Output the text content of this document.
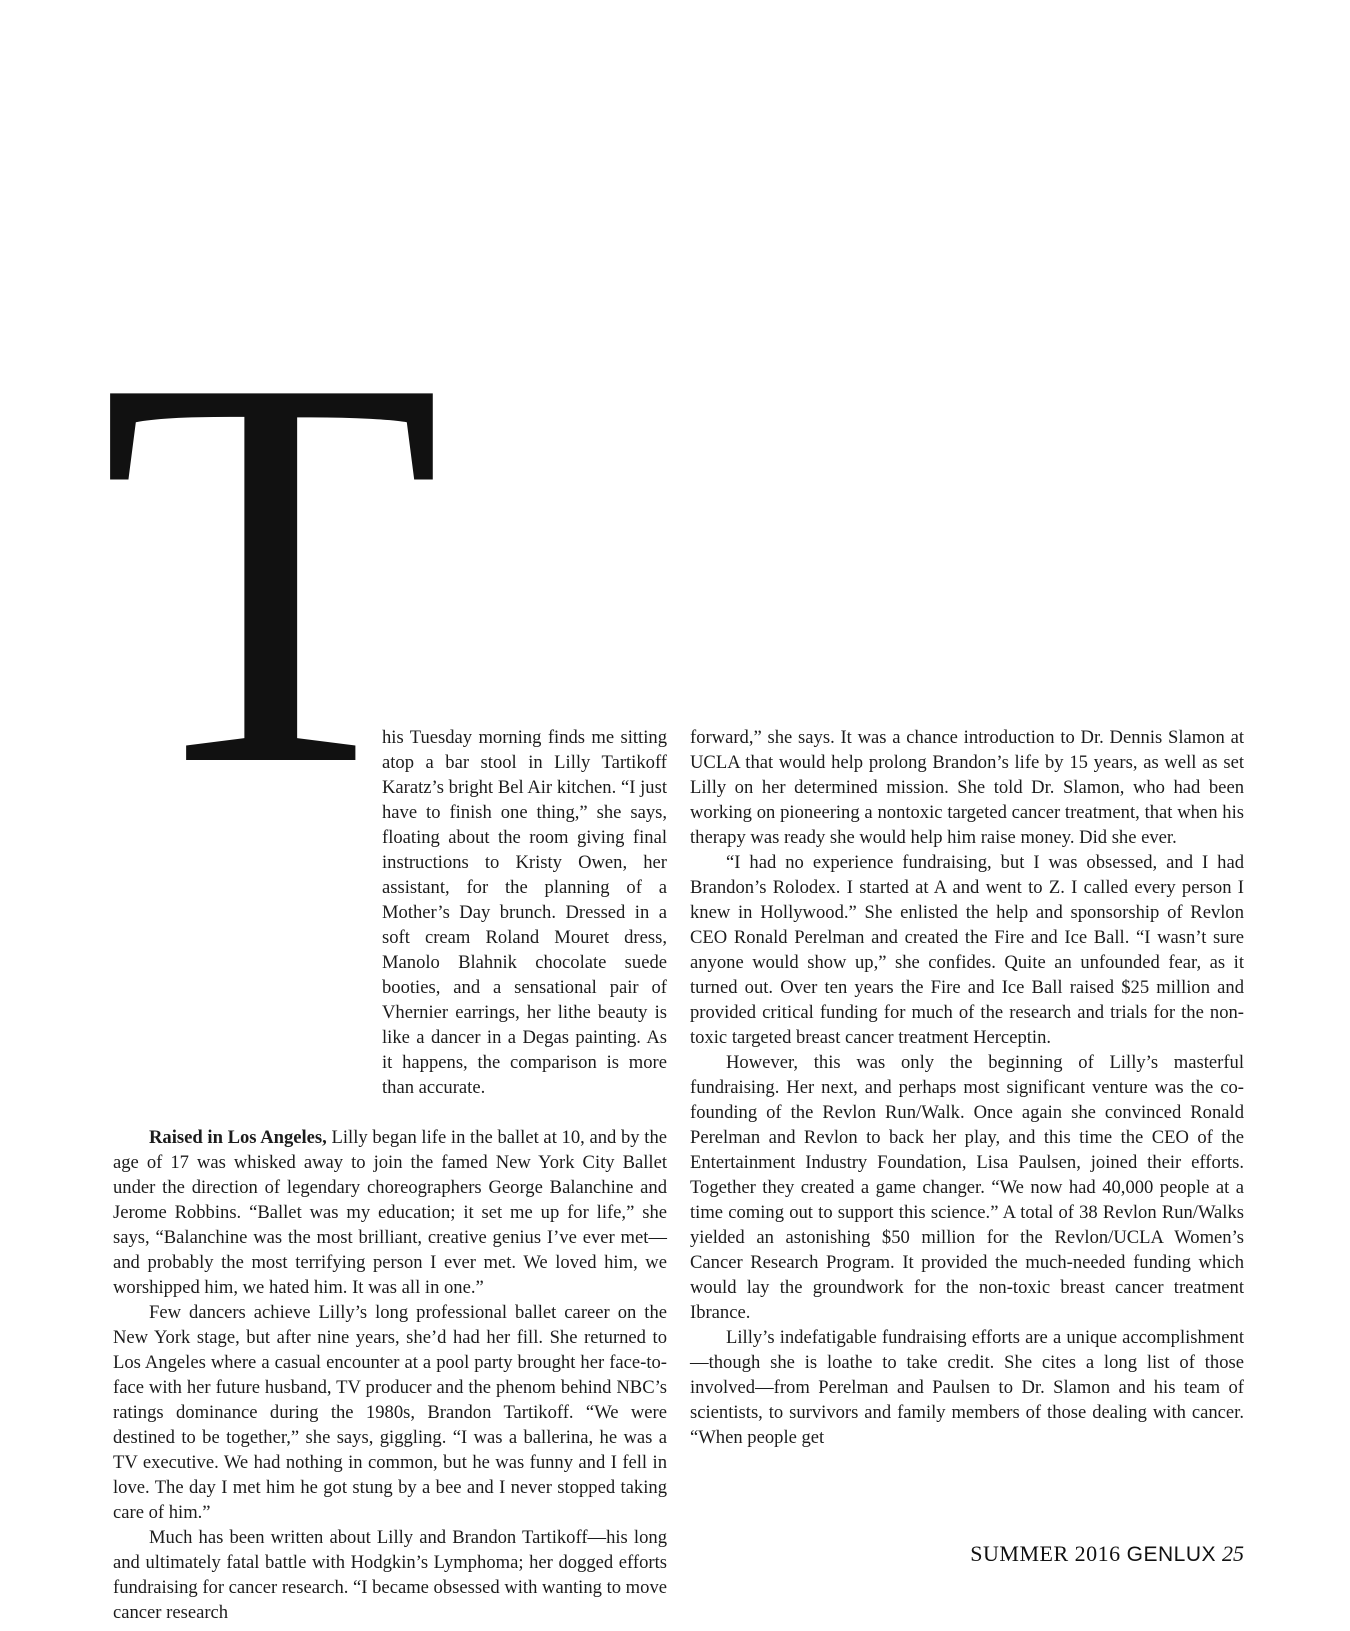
T

his Tuesday morning finds me sitting atop a bar stool in Lilly Tartikoff Karatz’s bright Bel Air kitchen. “I just have to finish one thing,” she says, floating about the room giving final instructions to Kristy Owen, her assistant, for the planning of a Mother’s Day brunch. Dressed in a soft cream Roland Mouret dress, Manolo Blahnik chocolate suede booties, and a sensational pair of Vhernier earrings, her lithe beauty is like a dancer in a Degas painting. As it happens, the comparison is more than accurate.

Raised in Los Angeles, Lilly began life in the ballet at 10, and by the age of 17 was whisked away to join the famed New York City Ballet under the direction of legendary choreographers George Balanchine and Jerome Robbins. “Ballet was my education; it set me up for life,” she says, “Balanchine was the most brilliant, creative genius I’ve ever met—and probably the most terrifying person I ever met. We loved him, we worshipped him, we hated him. It was all in one.”

Few dancers achieve Lilly’s long professional ballet career on the New York stage, but after nine years, she’d had her fill. She returned to Los Angeles where a casual encounter at a pool party brought her face-to-face with her future husband, TV producer and the phenom behind NBC’s ratings dominance during the 1980s, Brandon Tartikoff. “We were destined to be together,” she says, giggling. “I was a ballerina, he was a TV executive. We had nothing in common, but he was funny and I fell in love. The day I met him he got stung by a bee and I never stopped taking care of him.”

Much has been written about Lilly and Brandon Tartikoff—his long and ultimately fatal battle with Hodgkin’s Lymphoma; her dogged efforts fundraising for cancer research. “I became obsessed with wanting to move cancer research

forward,” she says. It was a chance introduction to Dr. Dennis Slamon at UCLA that would help prolong Brandon’s life by 15 years, as well as set Lilly on her determined mission. She told Dr. Slamon, who had been working on pioneering a nontoxic targeted cancer treatment, that when his therapy was ready she would help him raise money. Did she ever.

“I had no experience fundraising, but I was obsessed, and I had Brandon’s Rolodex. I started at A and went to Z. I called every person I knew in Hollywood.” She enlisted the help and sponsorship of Revlon CEO Ronald Perelman and created the Fire and Ice Ball. “I wasn’t sure anyone would show up,” she confides. Quite an unfounded fear, as it turned out. Over ten years the Fire and Ice Ball raised $25 million and provided critical funding for much of the research and trials for the non-toxic targeted breast cancer treatment Herceptin.

However, this was only the beginning of Lilly’s masterful fundraising. Her next, and perhaps most significant venture was the co-founding of the Revlon Run/Walk. Once again she convinced Ronald Perelman and Revlon to back her play, and this time the CEO of the Entertainment Industry Foundation, Lisa Paulsen, joined their efforts. Together they created a game changer. “We now had 40,000 people at a time coming out to support this science.” A total of 38 Revlon Run/Walks yielded an astonishing $50 million for the Revlon/UCLA Women’s Cancer Research Program. It provided the much-needed funding which would lay the groundwork for the non-toxic breast cancer treatment Ibrance.

Lilly’s indefatigable fundraising efforts are a unique accomplishment—though she is loathe to take credit. She cites a long list of those involved—from Perelman and Paulsen to Dr. Slamon and his team of scientists, to survivors and family members of those dealing with cancer. “When people get

SUMMER 2016 GENLUX 25
